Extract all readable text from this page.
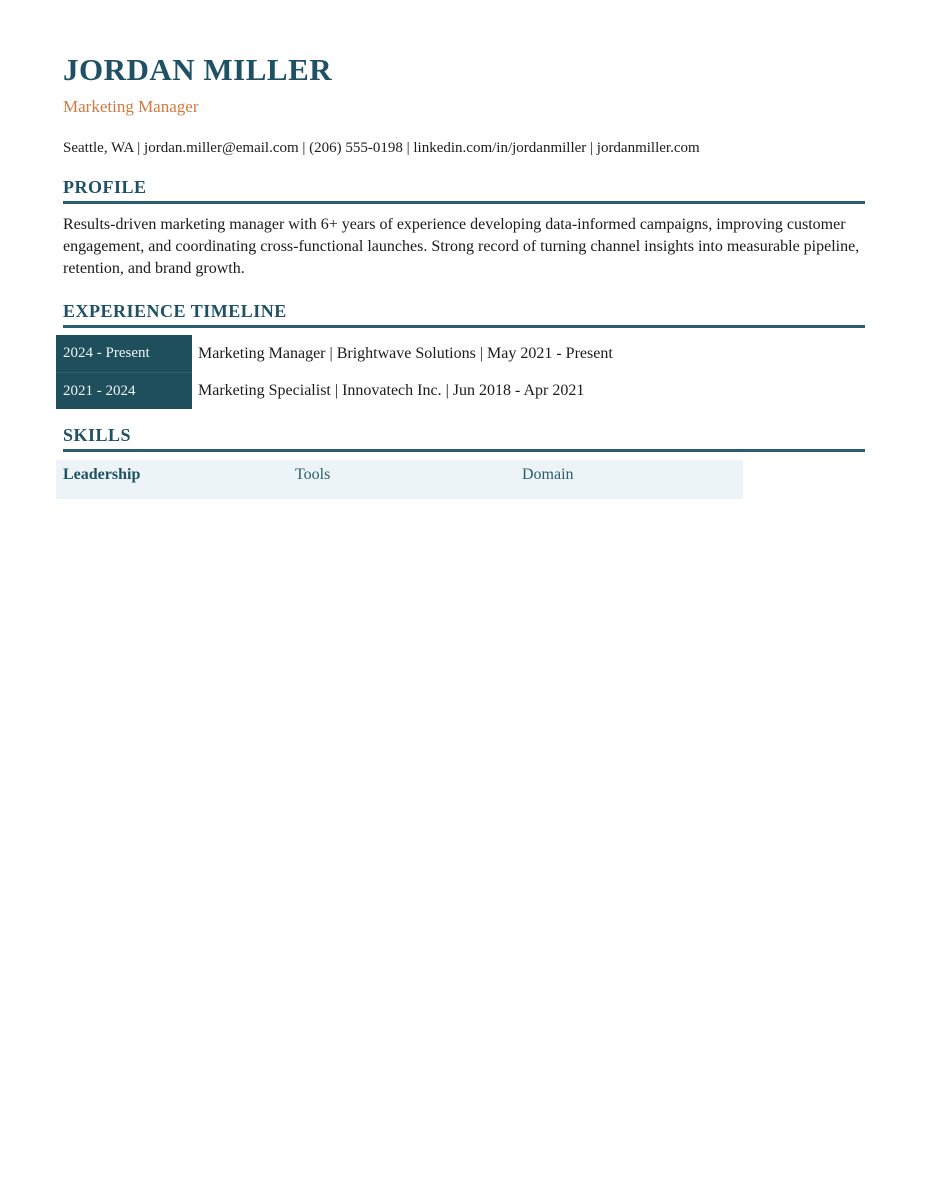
JORDAN MILLER

Marketing Manager

Seattle, WA | jordan.miller@email.com | (206) 555-0198 | linkedin.com/in/jordanmiller | jordanmiller.com

PROFILE

Results-driven marketing manager with 6+ years of experience developing data-informed campaigns, improving customer engagement, and coordinating cross-functional launches. Strong record of turning channel insights into measurable pipeline, retention, and brand growth.

EXPERIENCE TIMELINE
2024 - Present	Marketing Manager | Brightwave Solutions | May 2021 - Present
2021 - 2024	Marketing Specialist | Innovatech Inc. | Jun 2018 - Apr 2021
SKILLS
Leadership	Tools	Domain
